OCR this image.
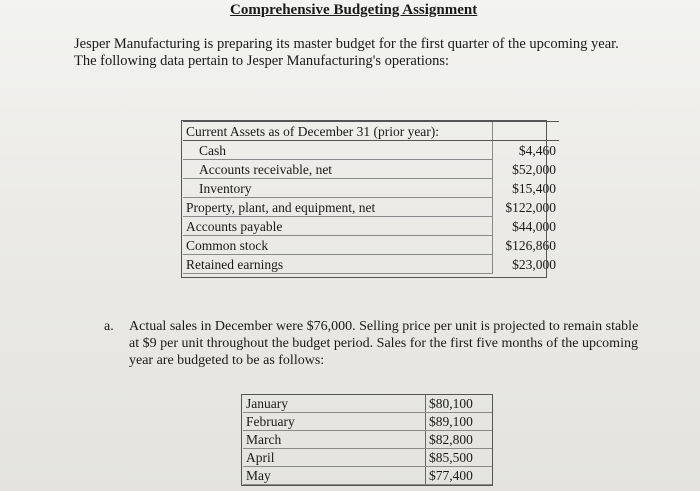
Comprehensive Budgeting Assignment
Jesper Manufacturing is preparing its master budget for the first quarter of the upcoming year.
The following data pertain to Jesper Manufacturing's operations:
Current Assets as of December 31 (prior year):	
Cash	$4,460
Accounts receivable, net	$52,000
Inventory	$15,400
Property, plant, and equipment, net	$122,000
Accounts payable	$44,000
Common stock	$126,860
Retained earnings	$23,000
a. Actual sales in December were $76,000. Selling price per unit is projected to remain stable
at $9 per unit throughout the budget period. Sales for the first five months of the upcoming
year are budgeted to be as follows:
January	$80,100
February	$89,100
March	$82,800
April	$85,500
May	$77,400
